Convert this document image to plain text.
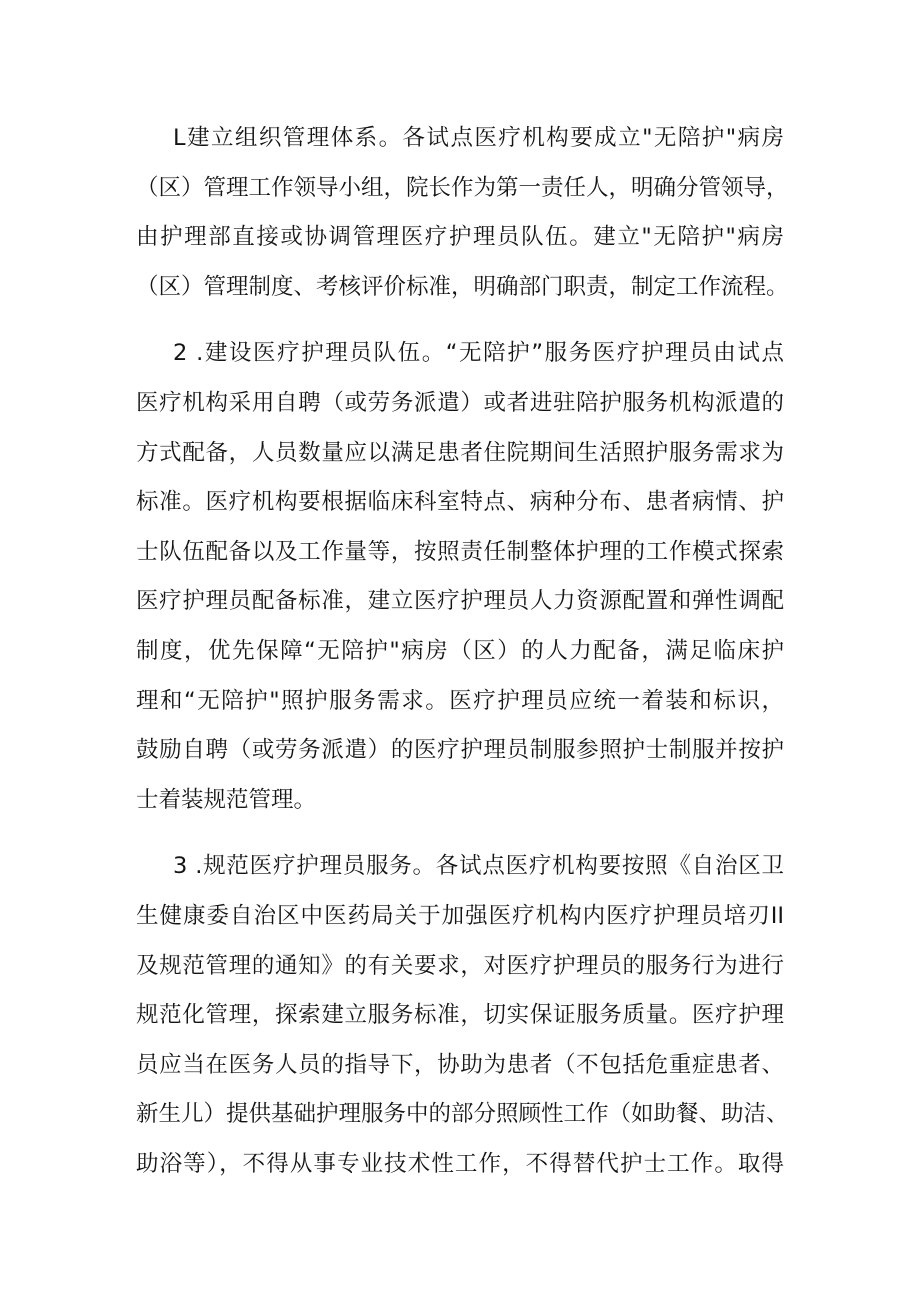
L建立组织管理体系。各试点医疗机构要成立"无陪护"病房
（区）管理工作领导小组，院长作为第一责任人，明确分管领导，
由护理部直接或协调管理医疗护理员队伍。建立"无陪护"病房
（区）管理制度、考核评价标准，明确部门职责，制定工作流程。
2 .建设医疗护理员队伍。“无陪护”服务医疗护理员由试点
医疗机构采用自聘（或劳务派遣）或者进驻陪护服务机构派遣的
方式配备，人员数量应以满足患者住院期间生活照护服务需求为
标准。医疗机构要根据临床科室特点、病种分布、患者病情、护
士队伍配备以及工作量等，按照责任制整体护理的工作模式探索
医疗护理员配备标准，建立医疗护理员人力资源配置和弹性调配
制度，优先保障“无陪护"病房（区）的人力配备，满足临床护
理和“无陪护"照护服务需求。医疗护理员应统一着装和标识，
鼓励自聘（或劳务派遣）的医疗护理员制服参照护士制服并按护
士着装规范管理。
3 .规范医疗护理员服务。各试点医疗机构要按照《自治区卫
生健康委自治区中医药局关于加强医疗机构内医疗护理员培刃II
及规范管理的通知》的有关要求，对医疗护理员的服务行为进行
规范化管理，探索建立服务标准，切实保证服务质量。医疗护理
员应当在医务人员的指导下，协助为患者（不包括危重症患者、
新生儿）提供基础护理服务中的部分照顾性工作（如助餐、助洁、
助浴等），不得从事专业技术性工作，不得替代护士工作。取得
